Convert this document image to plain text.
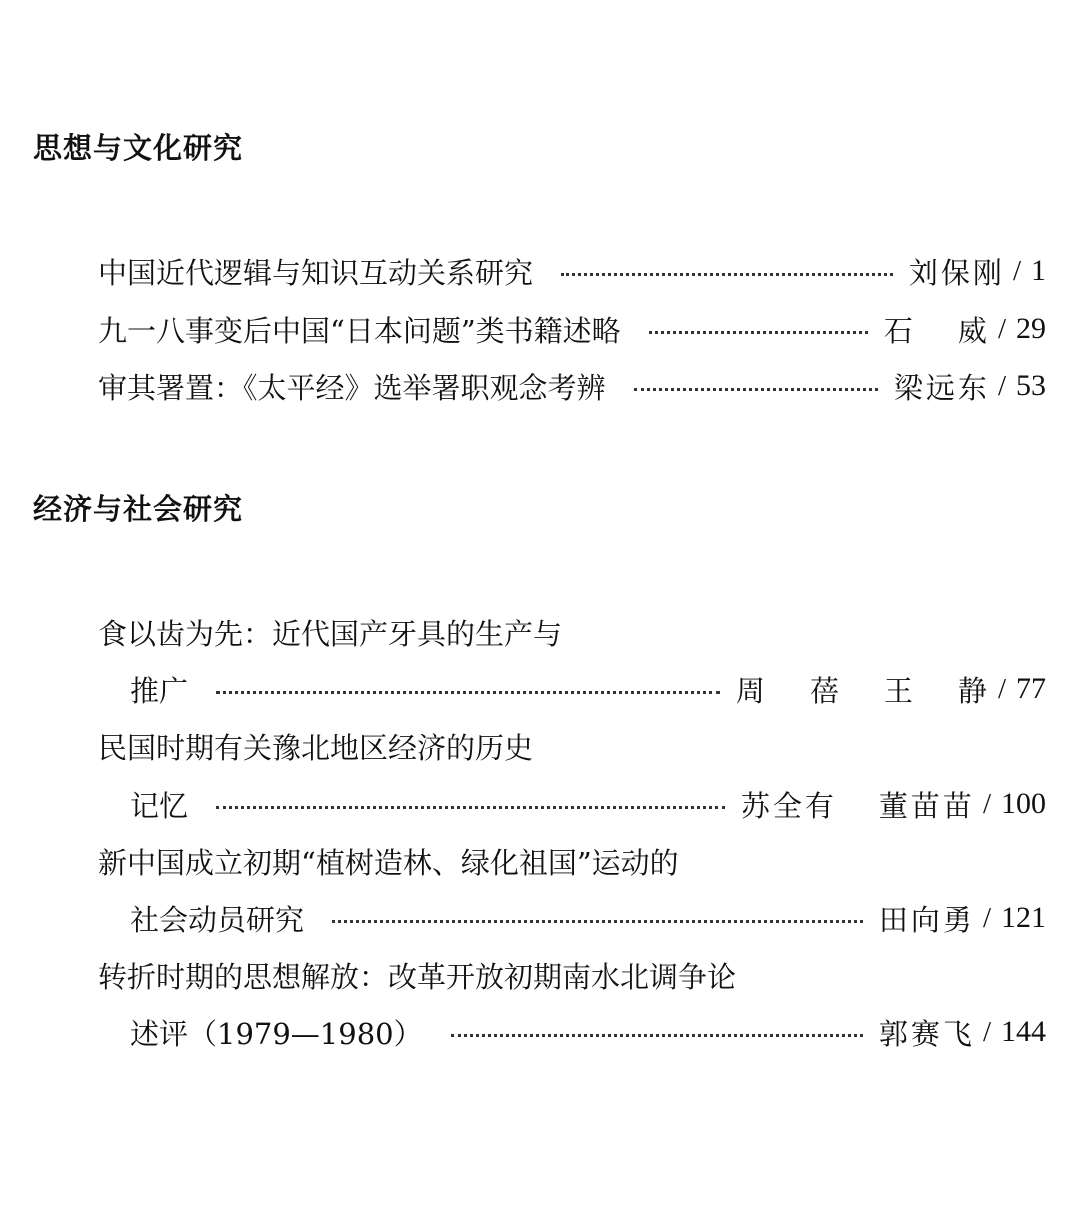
思想与文化研究
中国近代逻辑与知识互动关系研究	刘保刚 / 1
九一八事变后中国“日本问题”类书籍述略	石 威 / 29
审其署置：《太平经》选举署职观念考辨	梁远东 / 53
经济与社会研究
食以齿为先：近代国产牙具的生产与
推广	周 蓓 王 静 / 77
民国时期有关豫北地区经济的历史
记忆	苏全有 董苗苗 / 100
新中国成立初期“植树造林、绿化祖国”运动的
社会动员研究	田向勇 / 121
转折时期的思想解放：改革开放初期南水北调争论
述评（1979—1980）	郭赛飞 / 144
